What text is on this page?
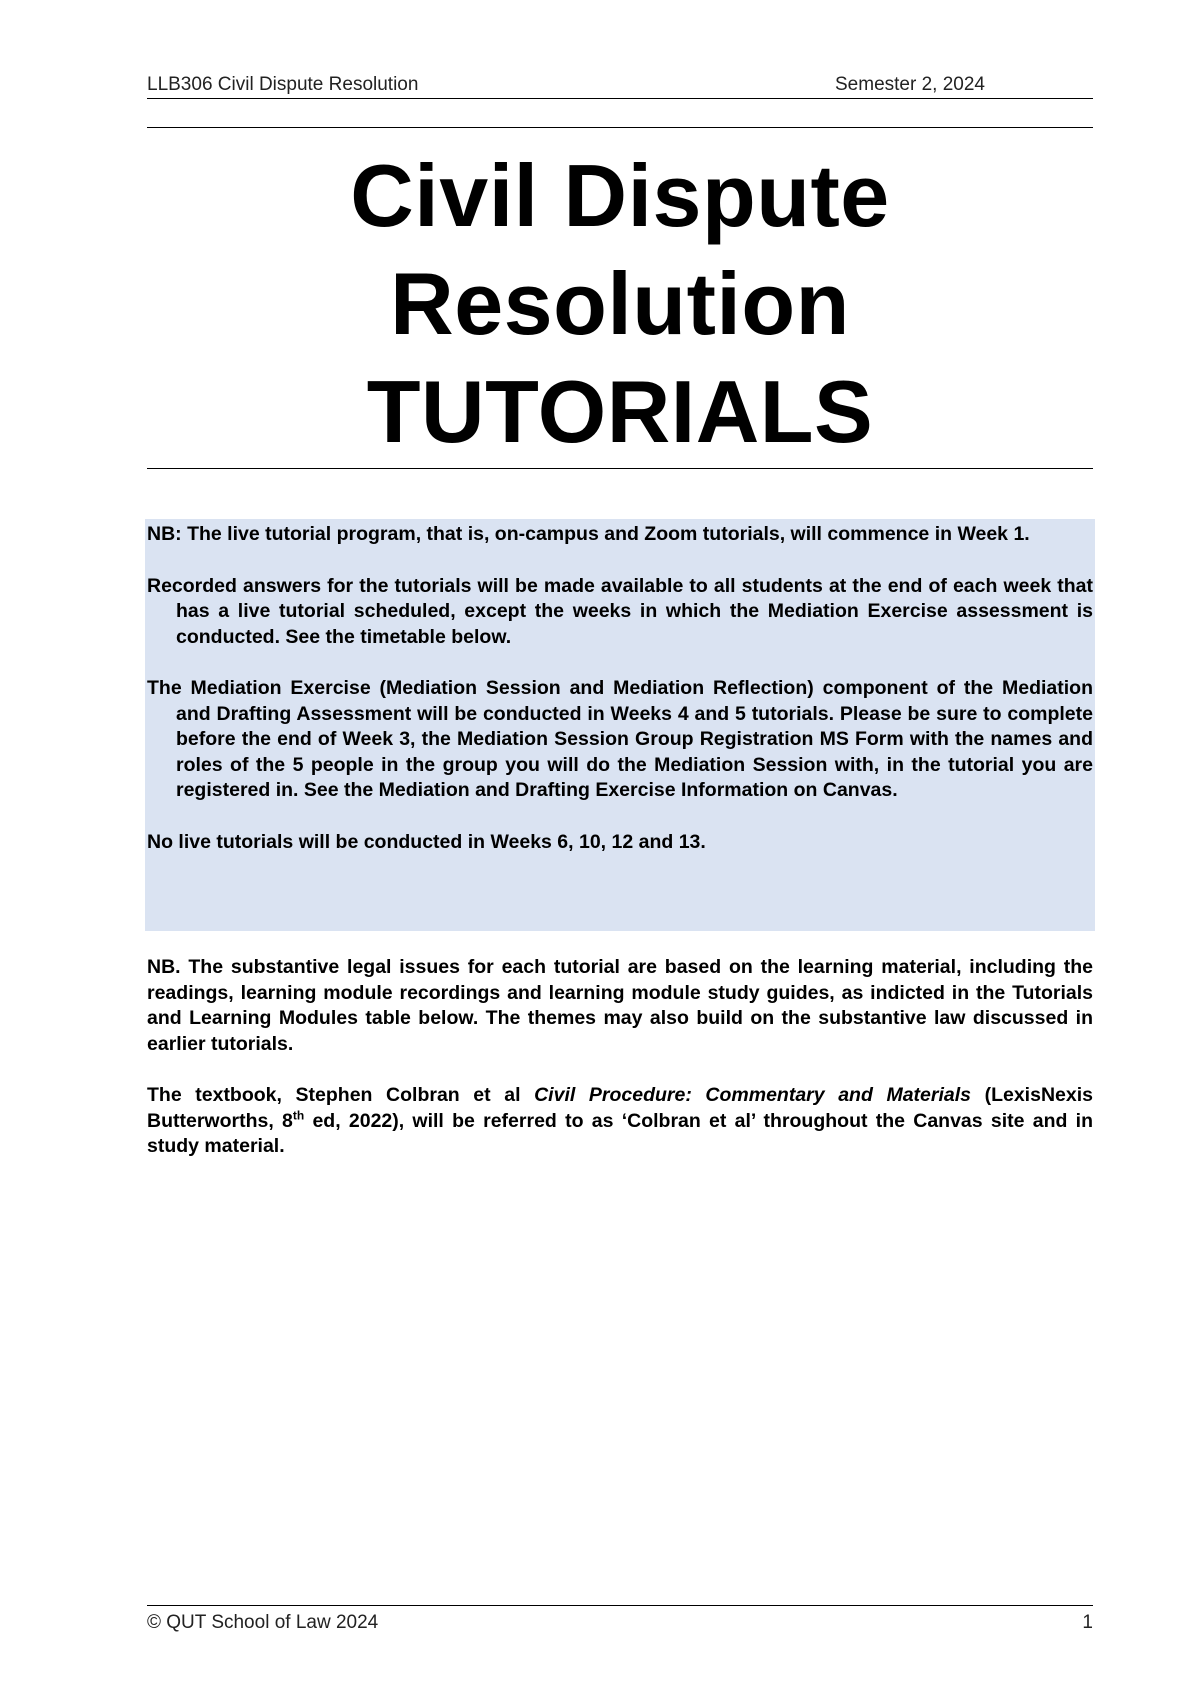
LLB306 Civil Dispute Resolution	Semester 2, 2024
Civil Dispute
Resolution
TUTORIALS

NB: The live tutorial program, that is, on-campus and Zoom tutorials, will commence in Week 1.

Recorded answers for the tutorials will be made available to all students at the end of each week that has a live tutorial scheduled, except the weeks in which the Mediation Exercise assessment is conducted. See the timetable below.

The Mediation Exercise (Mediation Session and Mediation Reflection) component of the Mediation and Drafting Assessment will be conducted in Weeks 4 and 5 tutorials. Please be sure to complete before the end of Week 3, the Mediation Session Group Registration MS Form with the names and roles of the 5 people in the group you will do the Mediation Session with, in the tutorial you are registered in. See the Mediation and Drafting Exercise Information on Canvas.

No live tutorials will be conducted in Weeks 6, 10, 12 and 13.

NB. The substantive legal issues for each tutorial are based on the learning material, including the readings, learning module recordings and learning module study guides, as indicted in the Tutorials and Learning Modules table below. The themes may also build on the substantive law discussed in earlier tutorials.

The textbook, Stephen Colbran et al Civil Procedure: Commentary and Materials (LexisNexis Butterworths, 8th ed, 2022), will be referred to as ‘Colbran et al’ throughout the Canvas site and in study material.

© QUT School of Law 2024	1
